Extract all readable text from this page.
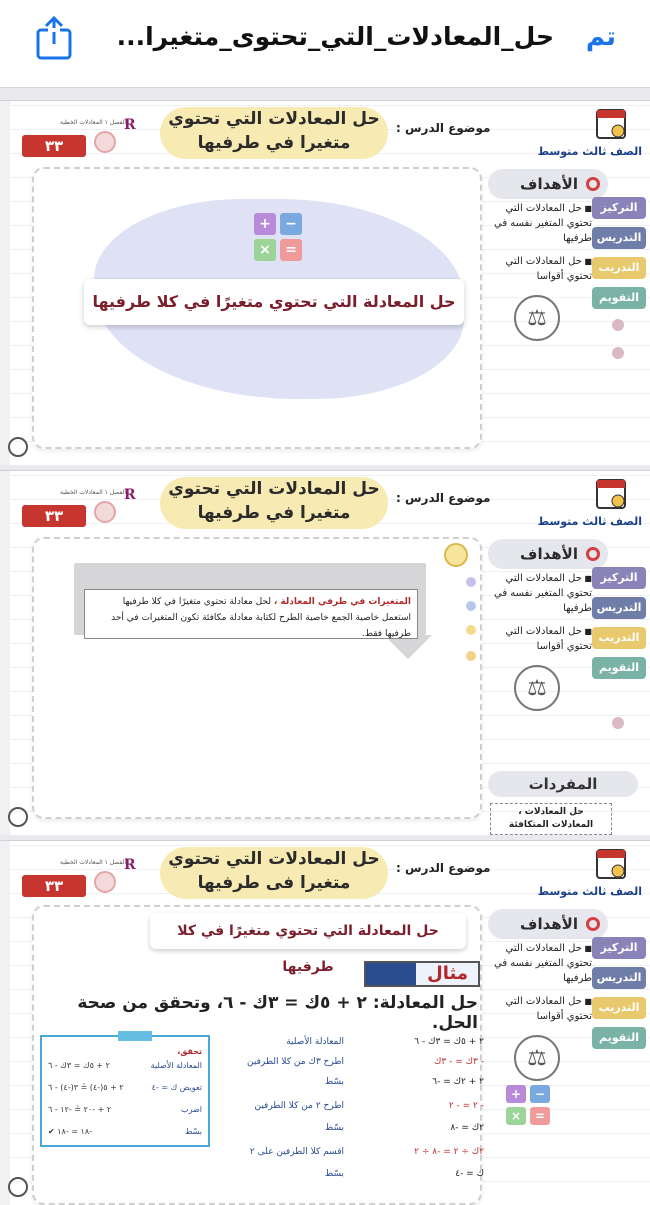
حل_المعادلات_التي_تحتوى_متغيرا... تم
الصف ثالث متوسط
موضوع الدرس :
حل المعادلات التي تحتوي
متغيرا في طرفيها
الفصل ١ المعادلات الخطية
٣٣
R
+	−
×	=
حل المعادلة التي تحتوي متغيرًا في كلا طرفيها
الأهداف

■ حل المعادلات التي تحتوي المتغير نفسه في طرفيها

■ حل المعادلات التي تحتوي أقواسا

⚖
التركيز
التدريس
التدريب
التقويم
الصف ثالث متوسط
موضوع الدرس :
حل المعادلات التي تحتوي
متغيرا في طرفيها
الفصل ١ المعادلات الخطية
٣٣
R
المتغيرات في طرفي المعادلة ، لحل معادلة تحتوي متغيرًا في كلا طرفيها استعمل خاصية الجمع خاصية الطرح لكتابة معادلة مكافئة تكون المتغيرات في أحد طرفيها فقط.
الأهداف

■ حل المعادلات التي تحتوي المتغير نفسه في طرفيها

■ حل المعادلات التي تحتوي أقواسا

⚖
التركيز
التدريس
التدريب
التقويم
المفردات
حل المعادلات ،
المعادلات المتكافئة
الصف ثالث متوسط
موضوع الدرس :
حل المعادلات التي تحتوي
متغيرا فى طرفيها
الفصل ١ المعادلات الخطية
٣٣
R
حل المعادلة التي تحتوي متغيرًا في كلا طرفيها	مثال
حل المعادلة: ٢ + ٥ك = ٣ك - ٦، وتحقق من صحة الحل.
تحقق،
المعادلة الأصلية
٢ + ٥ك = ٣ك - ٦
تعويض ك = -٤
٢ + ٥(-٤) ≟ ٣(-٤) - ٦
اضرب
٢ + -٢٠ ≟ -١٢ - ٦
بسّط
-١٨ = -١٨ ✔
المعادلة الأصلية	٢ + ٥ك = ٣ك - ٦
اطرح ٣ك من كلا الطرفين	- ٣ك = - ٣ك
بسّط	٢ + ٢ك = -٦
اطرح ٢ من كلا الطرفين	- ٢ = - ٢
بسّط	٢ك = -٨
اقسم كلا الطرفين على ٢	٢ك ÷ ٢ = -٨ ÷ ٢
بسّط	ك = -٤
الأهداف

■ حل المعادلات التي تحتوي المتغير نفسه في طرفيها

■ حل المعادلات التي تحتوي أقواسا

⚖
+	−
×	=
التركيز
التدريس
التدريب
التقويم
